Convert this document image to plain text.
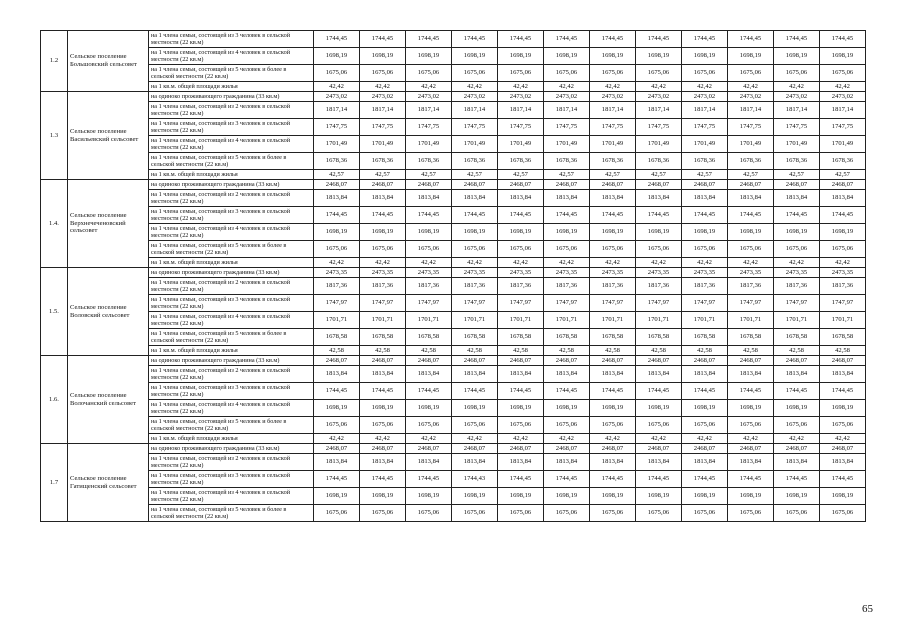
1.2	Сельское поселение Большовский сельсовет	на 1 члена семьи, состоящей из 3 человек в сельской местности (22 кв.м)	1744,45	1744,45	1744,45	1744,45	1744,45	1744,45	1744,45	1744,45	1744,45	1744,45	1744,45	1744,45
		на 1 члена семьи, состоящей из 4 человек в сельской местности (22 кв.м)	1698,19	1698,19	1698,19	1698,19	1698,19	1698,19	1698,19	1698,19	1698,19	1698,19	1698,19	1698,19
		на 1 члена семьи, состоящей из 5 человек и более в сельской местности (22 кв.м)	1675,06	1675,06	1675,06	1675,06	1675,06	1675,06	1675,06	1675,06	1675,06	1675,06	1675,06	1675,06
		на 1 кв.м. общей площади жилья	42,42	42,42	42,42	42,42	42,42	42,42	42,42	42,42	42,42	42,42	42,42	42,42
1.3	Сельское поселение Васильевский сельсовет	на одиноко проживающего гражданина (33 кв.м)	2473,02	2473,02	2473,02	2473,02	2473,02	2473,02	2473,02	2473,02	2473,02	2473,02	2473,02	2473,02
		на 1 члена семьи, состоящей из 2 человек в сельской местности (22 кв.м)	1817,14	1817,14	1817,14	1817,14	1817,14	1817,14	1817,14	1817,14	1817,14	1817,14	1817,14	1817,14
		на 1 члена семьи, состоящей из 3 человек в сельской местности (22 кв.м)	1747,75	1747,75	1747,75	1747,75	1747,75	1747,75	1747,75	1747,75	1747,75	1747,75	1747,75	1747,75
		на 1 члена семьи, состоящей из 4 человек в сельской местности (22 кв.м)	1701,49	1701,49	1701,49	1701,49	1701,49	1701,49	1701,49	1701,49	1701,49	1701,49	1701,49	1701,49
		на 1 члена семьи, состоящей из 5 человек и более в сельской местности (22 кв.м)	1678,36	1678,36	1678,36	1678,36	1678,36	1678,36	1678,36	1678,36	1678,36	1678,36	1678,36	1678,36
		на 1 кв.м. общей площади жилья	42,57	42,57	42,57	42,57	42,57	42,57	42,57	42,57	42,57	42,57	42,57	42,57
1.4.	Сельское поселение Верхнечеченовский сельсовет	на одиноко проживающего гражданина (33 кв.м)	2468,07	2468,07	2468,07	2468,07	2468,07	2468,07	2468,07	2468,07	2468,07	2468,07	2468,07	2468,07
		на 1 члена семьи, состоящей из 2 человек в сельской местности (22 кв.м)	1813,84	1813,84	1813,84	1813,84	1813,84	1813,84	1813,84	1813,84	1813,84	1813,84	1813,84	1813,84
		на 1 члена семьи, состоящей из 3 человек в сельской местности (22 кв.м)	1744,45	1744,45	1744,45	1744,45	1744,45	1744,45	1744,45	1744,45	1744,45	1744,45	1744,45	1744,45
		на 1 члена семьи, состоящей из 4 человек в сельской местности (22 кв.м)	1698,19	1698,19	1698,19	1698,19	1698,19	1698,19	1698,19	1698,19	1698,19	1698,19	1698,19	1698,19
		на 1 члена семьи, состоящей из 5 человек и более в сельской местности (22 кв.м)	1675,06	1675,06	1675,06	1675,06	1675,06	1675,06	1675,06	1675,06	1675,06	1675,06	1675,06	1675,06
		на 1 кв.м. общей площади жилья	42,42	42,42	42,42	42,42	42,42	42,42	42,42	42,42	42,42	42,42	42,42	42,42
1.5.	Сельское поселение Воловский сельсовет	на одиноко проживающего гражданина (33 кв.м)	2473,35	2473,35	2473,35	2473,35	2473,35	2473,35	2473,35	2473,35	2473,35	2473,35	2473,35	2473,35
		на 1 члена семьи, состоящей из 2 человек в сельской местности (22 кв.м)	1817,36	1817,36	1817,36	1817,36	1817,36	1817,36	1817,36	1817,36	1817,36	1817,36	1817,36	1817,36
		на 1 члена семьи, состоящей из 3 человек в сельской местности (22 кв.м)	1747,97	1747,97	1747,97	1747,97	1747,97	1747,97	1747,97	1747,97	1747,97	1747,97	1747,97	1747,97
		на 1 члена семьи, состоящей из 4 человек в сельской местности (22 кв.м)	1701,71	1701,71	1701,71	1701,71	1701,71	1701,71	1701,71	1701,71	1701,71	1701,71	1701,71	1701,71
		на 1 члена семьи, состоящей из 5 человек и более в сельской местности (22 кв.м)	1678,58	1678,58	1678,58	1678,58	1678,58	1678,58	1678,58	1678,58	1678,58	1678,58	1678,58	1678,58
		на 1 кв.м. общей площади жилья	42,58	42,58	42,58	42,58	42,58	42,58	42,58	42,58	42,58	42,58	42,58	42,58
1.6.	Сельское поселение Волочанский сельсовет	на одиноко проживающего гражданина (33 кв.м)	2468,07	2468,07	2468,07	2468,07	2468,07	2468,07	2468,07	2468,07	2468,07	2468,07	2468,07	2468,07
		на 1 члена семьи, состоящей из 2 человек в сельской местности (22 кв.м)	1813,84	1813,84	1813,84	1813,84	1813,84	1813,84	1813,84	1813,84	1813,84	1813,84	1813,84	1813,84
		на 1 члена семьи, состоящей из 3 человек в сельской местности (22 кв.м)	1744,45	1744,45	1744,45	1744,45	1744,45	1744,45	1744,45	1744,45	1744,45	1744,45	1744,45	1744,45
		на 1 члена семьи, состоящей из 4 человек в сельской местности (22 кв.м)	1698,19	1698,19	1698,19	1698,19	1698,19	1698,19	1698,19	1698,19	1698,19	1698,19	1698,19	1698,19
		на 1 члена семьи, состоящей из 5 человек и более в сельской местности (22 кв.м)	1675,06	1675,06	1675,06	1675,06	1675,06	1675,06	1675,06	1675,06	1675,06	1675,06	1675,06	1675,06
		на 1 кв.м. общей площади жилья	42,42	42,42	42,42	42,42	42,42	42,42	42,42	42,42	42,42	42,42	42,42	42,42
1.7	Сельское поселение Гатищенский сельсовет	на одиноко проживающего гражданина (33 кв.м)	2468,07	2468,07	2468,07	2468,07	2468,07	2468,07	2468,07	2468,07	2468,07	2468,07	2468,07	2468,07
		на 1 члена семьи, состоящей из 2 человек в сельской местности (22 кв.м)	1813,84	1813,84	1813,84	1813,84	1813,84	1813,84	1813,84	1813,84	1813,84	1813,84	1813,84	1813,84
		на 1 члена семьи, состоящей из 3 человек в сельской местности (22 кв.м)	1744,45	1744,45	1744,45	1744,43	1744,45	1744,45	1744,45	1744,45	1744,45	1744,45	1744,45	1744,45
		на 1 члена семьи, состоящей из 4 человек в сельской местности (22 кв.м)	1698,19	1698,19	1698,19	1698,19	1698,19	1698,19	1698,19	1698,19	1698,19	1698,19	1698,19	1698,19
		на 1 члена семьи, состоящей из 5 человек и более в сельской местности (22 кв.м)	1675,06	1675,06	1675,06	1675,06	1675,06	1675,06	1675,06	1675,06	1675,06	1675,06	1675,06	1675,06
65
